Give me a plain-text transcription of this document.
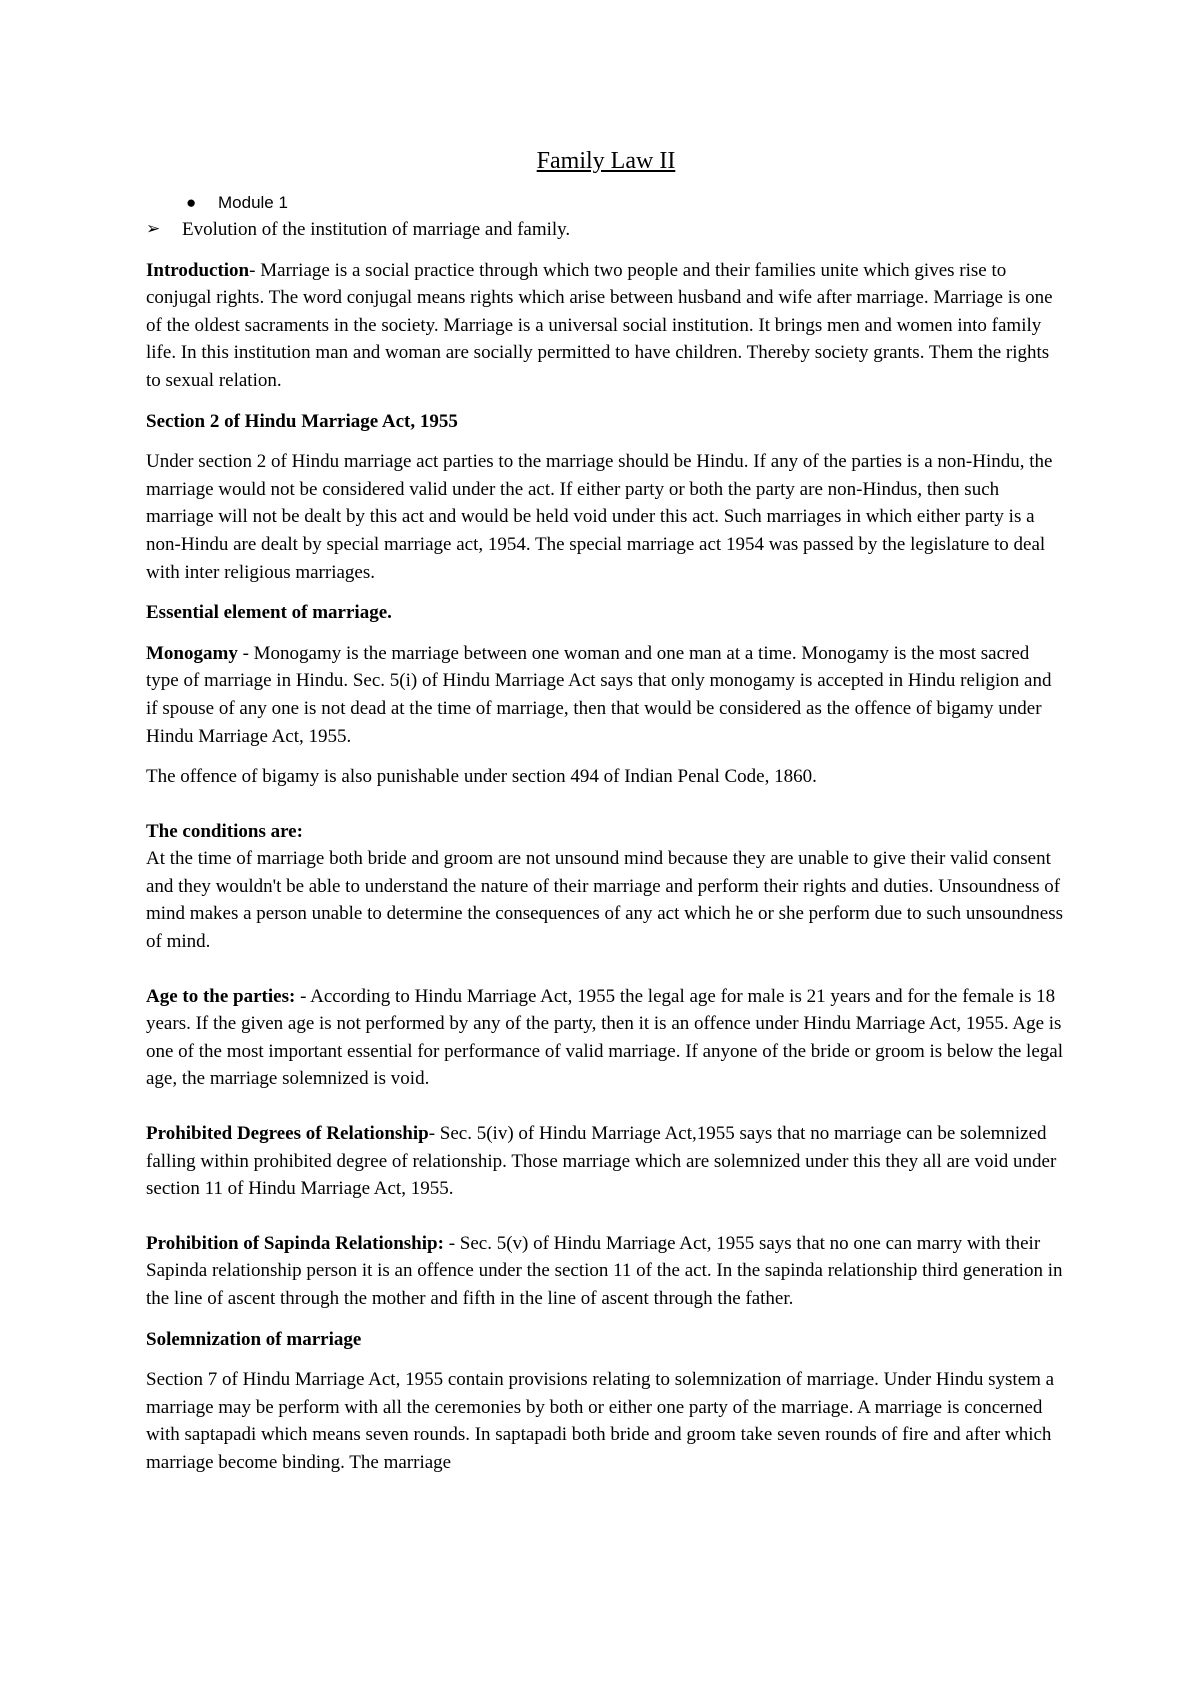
Family Law II
● Module 1
➢ Evolution of the institution of marriage and family.

Introduction- Marriage is a social practice through which two people and their families unite which gives rise to conjugal rights. The word conjugal means rights which arise between husband and wife after marriage. Marriage is one of the oldest sacraments in the society. Marriage is a universal social institution. It brings men and women into family life. In this institution man and woman are socially permitted to have children. Thereby society grants. Them the rights to sexual relation.

Section 2 of Hindu Marriage Act, 1955

Under section 2 of Hindu marriage act parties to the marriage should be Hindu. If any of the parties is a non-Hindu, the marriage would not be considered valid under the act. If either party or both the party are non-Hindus, then such marriage will not be dealt by this act and would be held void under this act. Such marriages in which either party is a non-Hindu are dealt by special marriage act, 1954. The special marriage act 1954 was passed by the legislature to deal with inter religious marriages.

Essential element of marriage.

Monogamy - Monogamy is the marriage between one woman and one man at a time. Monogamy is the most sacred type of marriage in Hindu. Sec. 5(i) of Hindu Marriage Act says that only monogamy is accepted in Hindu religion and if spouse of any one is not dead at the time of marriage, then that would be considered as the offence of bigamy under Hindu Marriage Act, 1955.

The offence of bigamy is also punishable under section 494 of Indian Penal Code, 1860.

The conditions are:

At the time of marriage both bride and groom are not unsound mind because they are unable to give their valid consent and they wouldn't be able to understand the nature of their marriage and perform their rights and duties. Unsoundness of mind makes a person unable to determine the consequences of any act which he or she perform due to such unsoundness of mind.

Age to the parties: - According to Hindu Marriage Act, 1955 the legal age for male is 21 years and for the female is 18 years. If the given age is not performed by any of the party, then it is an offence under Hindu Marriage Act, 1955. Age is one of the most important essential for performance of valid marriage. If anyone of the bride or groom is below the legal age, the marriage solemnized is void.

Prohibited Degrees of Relationship- Sec. 5(iv) of Hindu Marriage Act,1955 says that no marriage can be solemnized falling within prohibited degree of relationship. Those marriage which are solemnized under this they all are void under section 11 of Hindu Marriage Act, 1955.

Prohibition of Sapinda Relationship: - Sec. 5(v) of Hindu Marriage Act, 1955 says that no one can marry with their Sapinda relationship person it is an offence under the section 11 of the act. In the sapinda relationship third generation in the line of ascent through the mother and fifth in the line of ascent through the father.

Solemnization of marriage

Section 7 of Hindu Marriage Act, 1955 contain provisions relating to solemnization of marriage. Under Hindu system a marriage may be perform with all the ceremonies by both or either one party of the marriage. A marriage is concerned with saptapadi which means seven rounds. In saptapadi both bride and groom take seven rounds of fire and after which marriage become binding. The marriage
